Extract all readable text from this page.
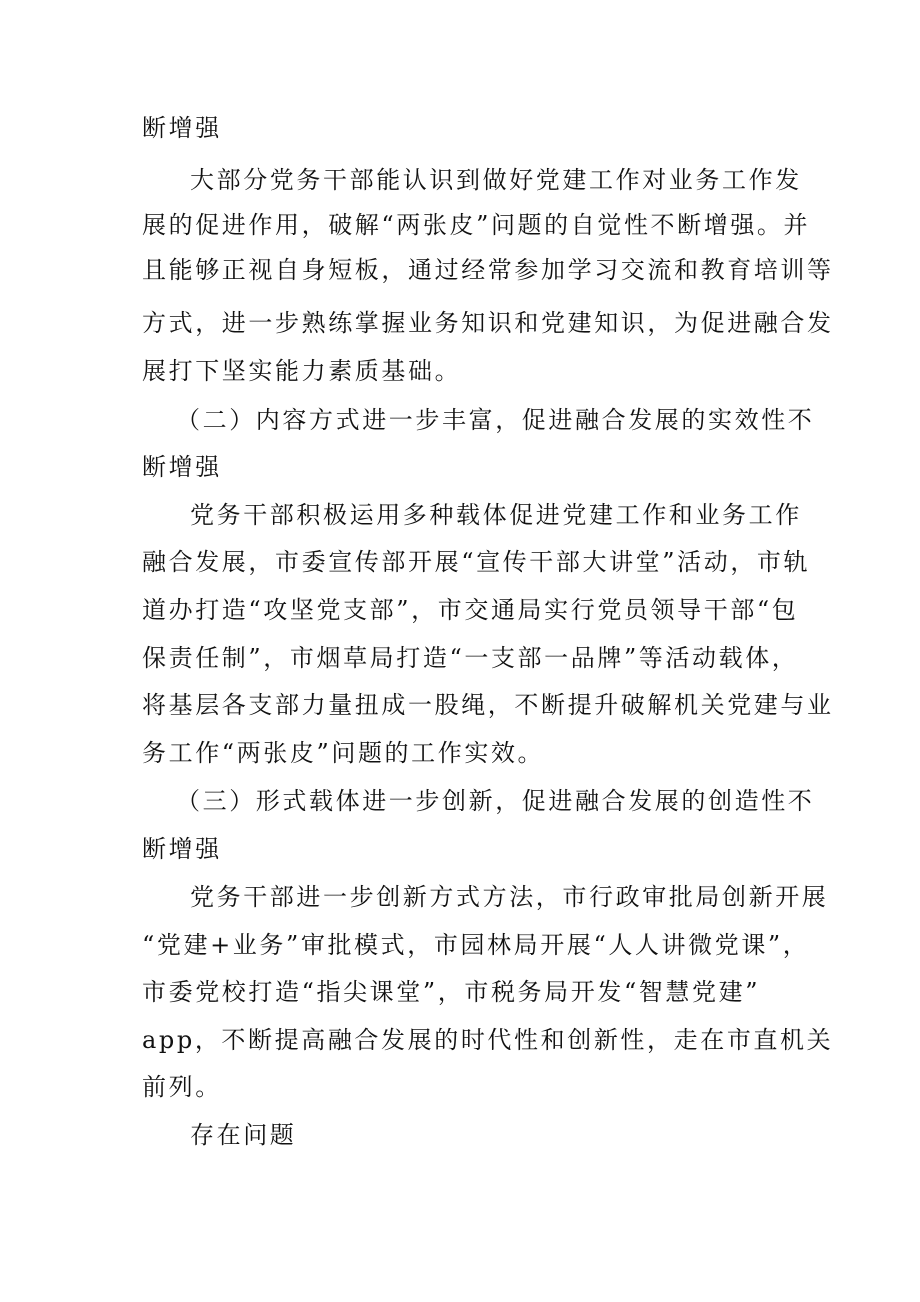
断增强
大部分党务干部能认识到做好党建工作对业务工作发
展的促进作用，破解“两张皮”问题的自觉性不断增强。并
且能够正视自身短板，通过经常参加学习交流和教育培训等
方式，进一步熟练掌握业务知识和党建知识，为促进融合发
展打下坚实能力素质基础。
（二）内容方式进一步丰富，促进融合发展的实效性不
断增强
党务干部积极运用多种载体促进党建工作和业务工作
融合发展，市委宣传部开展“宣传干部大讲堂”活动，市轨
道办打造“攻坚党支部”，市交通局实行党员领导干部“包
保责任制”，市烟草局打造“一支部一品牌”等活动载体，
将基层各支部力量扭成一股绳，不断提升破解机关党建与业
务工作“两张皮”问题的工作实效。
（三）形式载体进一步创新，促进融合发展的创造性不
断增强
党务干部进一步创新方式方法，市行政审批局创新开展
“党建+业务”审批模式，市园林局开展“人人讲微党课”，
市委党校打造“指尖课堂”，市税务局开发“智慧党建”
app，不断提高融合发展的时代性和创新性，走在市直机关
前列。
存在问题
